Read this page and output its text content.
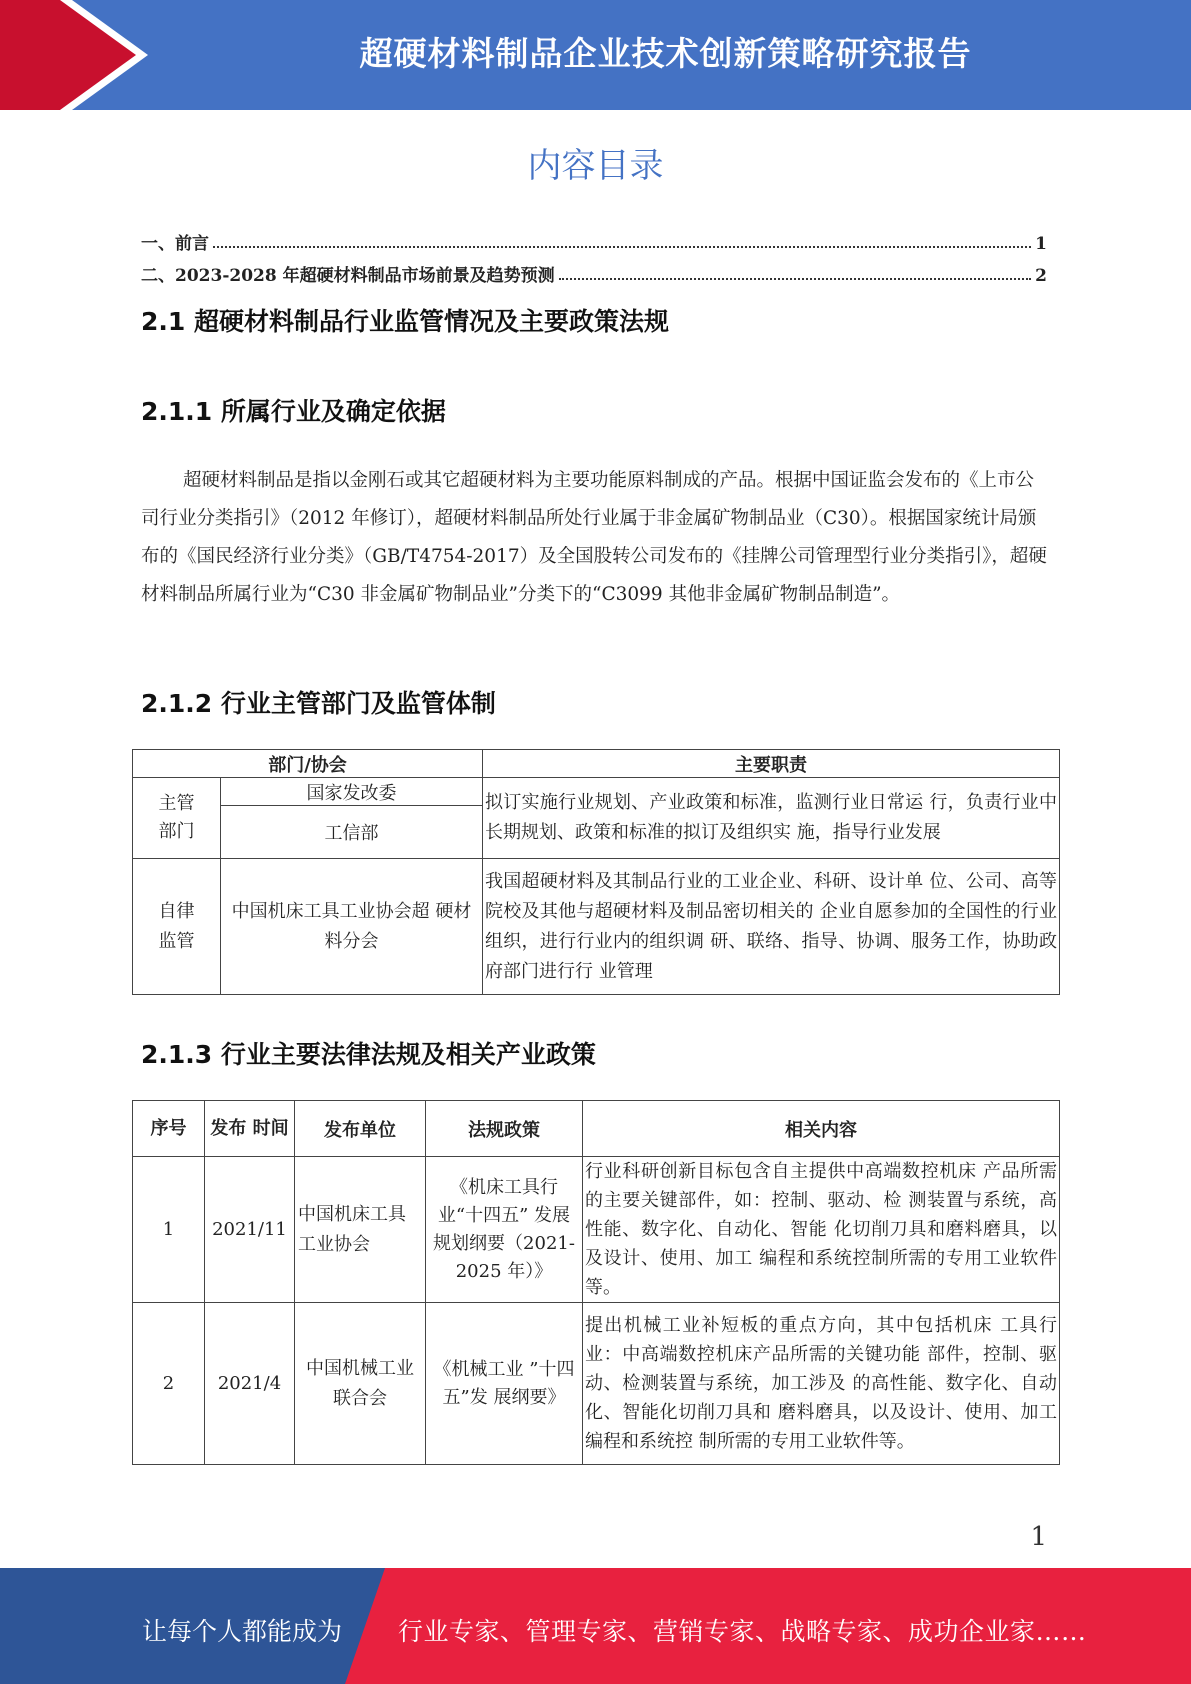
超硬材料制品企业技术创新策略研究报告
内容目录
一、前言	1
二、2023-2028 年超硬材料制品市场前景及趋势预测	2
2.1 超硬材料制品行业监管情况及主要政策法规
2.1.1 所属行业及确定依据
超硬材料制品是指以金刚石或其它超硬材料为主要功能原料制成的产品。根据中国证监会发布的《上市公司行业分类指引》（2012 年修订），超硬材料制品所处行业属于非金属矿物制品业（C30）。根据国家统计局颁布的《国民经济行业分类》（GB/T4754-2017）及全国股转公司发布的《挂牌公司管理型行业分类指引》，超硬材料制品所属行业为“C30 非金属矿物制品业”分类下的“C3099 其他非金属矿物制品制造”。
2.1.2 行业主管部门及监管体制
部门/协会		主要职责
主管
部门	国家发改委	拟订实施行业规划、产业政策和标准，监测行业日常运 行，负责行业中长期规划、政策和标准的拟订及组织实 施，指导行业发展
	工信部	
自律
监管	中国机床工具工业协会超 硬材料分会	我国超硬材料及其制品行业的工业企业、科研、设计单 位、公司、高等院校及其他与超硬材料及制品密切相关的 企业自愿参加的全国性的行业组织，进行行业内的组织调 研、联络、指导、协调、服务工作，协助政府部门进行行 业管理
2.1.3 行业主要法律法规及相关产业政策
序号	发布 时间	发布单位	法规政策	相关内容
1	2021/11	中国机床工具工业协会	《机床工具行 业“十四五” 发展规划纲要（2021-2025 年）》	行业科研创新目标包含自主提供中高端数控机床 产品所需的主要关键部件，如：控制、驱动、检 测装置与系统，高性能、数字化、自动化、智能 化切削刀具和磨料磨具，以及设计、使用、加工 编程和系统控制所需的专用工业软件等。
2	2021/4	中国机械工业联合会	《机械工业 ”十四五”发 展纲要》	提出机械工业补短板的重点方向，其中包括机床 工具行业：中高端数控机床产品所需的关键功能 部件，控制、驱动、检测装置与系统，加工涉及 的高性能、数字化、自动化、智能化切削刀具和 磨料磨具，以及设计、使用、加工编程和系统控 制所需的专用工业软件等。
1
让每个人都能成为 行业专家、管理专家、营销专家、战略专家、成功企业家……
